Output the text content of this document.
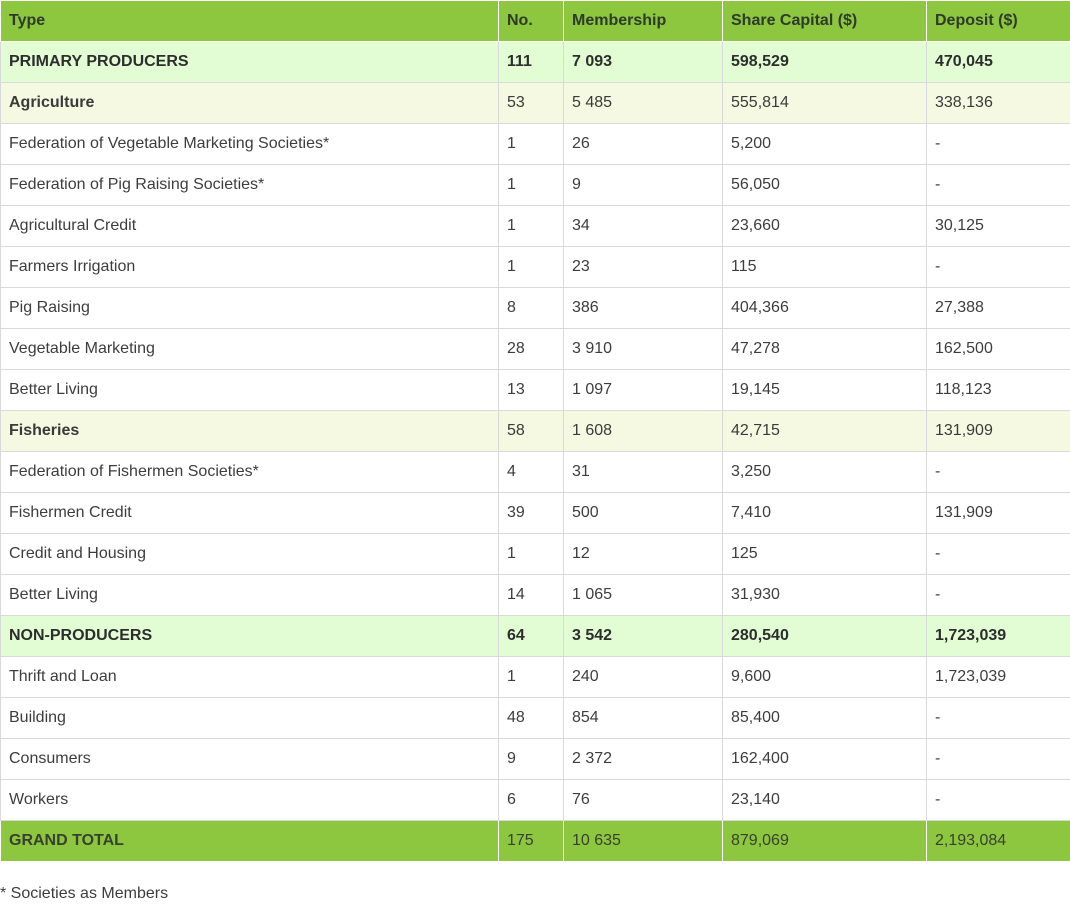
Type	No.	Membership	Share Capital ($)	Deposit ($)
PRIMARY PRODUCERS	111	7 093	598,529	470,045
Agriculture	53	5 485	555,814	338,136
Federation of Vegetable Marketing Societies*	1	26	5,200	-
Federation of Pig Raising Societies*	1	9	56,050	-
Agricultural Credit	1	34	23,660	30,125
Farmers Irrigation	1	23	115	-
Pig Raising	8	386	404,366	27,388
Vegetable Marketing	28	3 910	47,278	162,500
Better Living	13	1 097	19,145	118,123
Fisheries	58	1 608	42,715	131,909
Federation of Fishermen Societies*	4	31	3,250	-
Fishermen Credit	39	500	7,410	131,909
Credit and Housing	1	12	125	-
Better Living	14	1 065	31,930	-
NON-PRODUCERS	64	3 542	280,540	1,723,039
Thrift and Loan	1	240	9,600	1,723,039
Building	48	854	85,400	-
Consumers	9	2 372	162,400	-
Workers	6	76	23,140	-
GRAND TOTAL	175	10 635	879,069	2,193,084
* Societies as Members
